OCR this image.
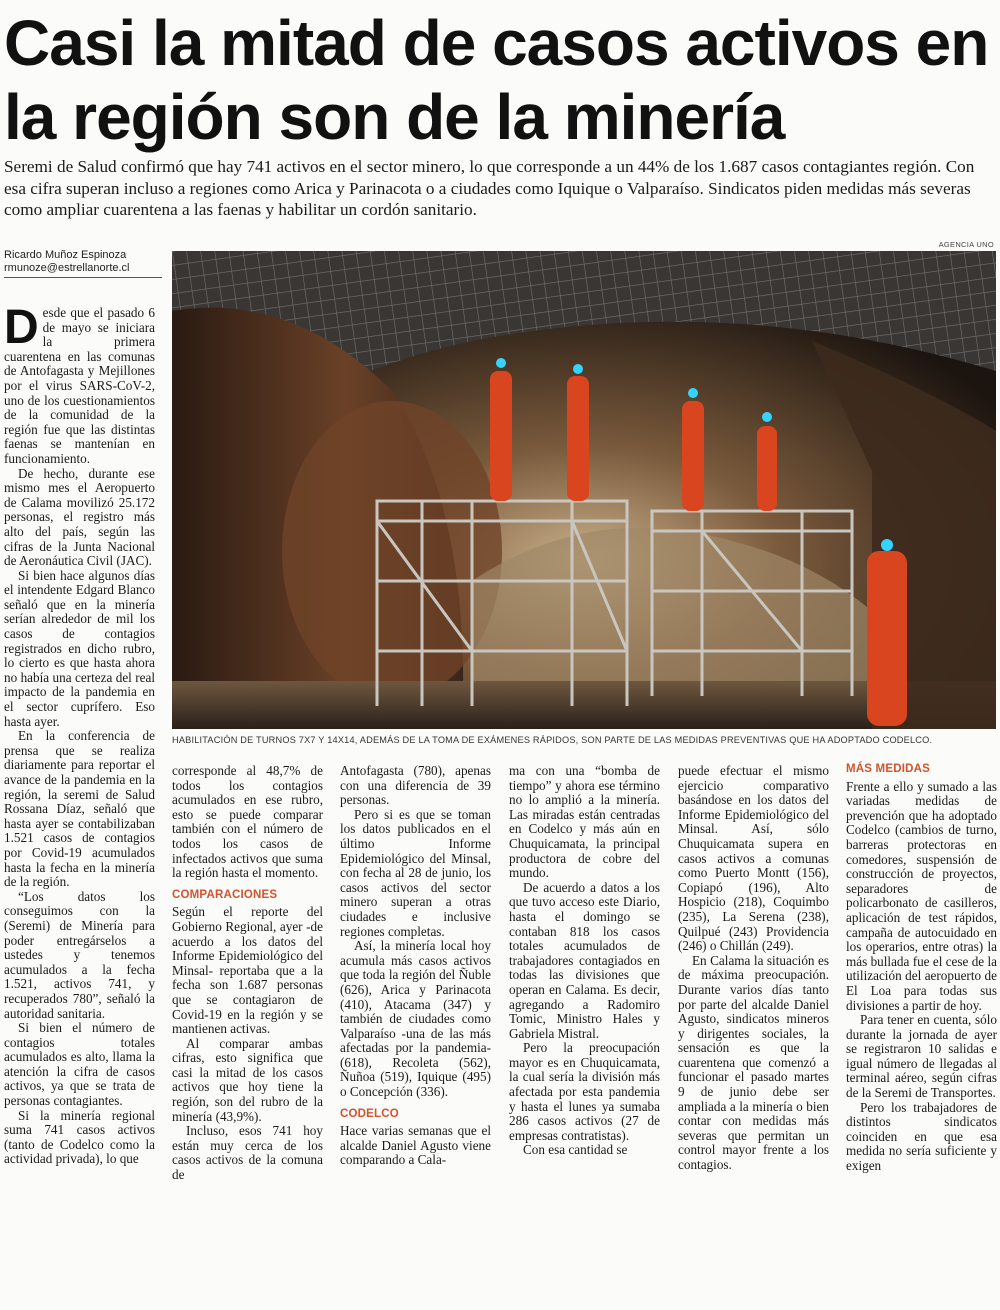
Casi la mitad de casos activos en la región son de la minería

Seremi de Salud confirmó que hay 741 activos en el sector minero, lo que corresponde a un 44% de los 1.687 casos contagiantes región. Con esa cifra superan incluso a regiones como Arica y Parinacota o a ciudades como Iquique o Valparaíso. Sindicatos piden medidas más severas como ampliar cuarentena a las faenas y habilitar un cordón sanitario.

Ricardo Muñoz Espinoza
rmunoze@estrellanorte.cl
AGENCIA UNO
HABILITACIÓN DE TURNOS 7X7 Y 14X14, ADEMÁS DE LA TOMA DE EXÁMENES RÁPIDOS, SON PARTE DE LAS MEDIDAS PREVENTIVAS QUE HA ADOPTADO CODELCO.
D esde que el pasado 6 de mayo se iniciara la primera cuarentena en las comunas de Antofagasta y Mejillones por el virus SARS-CoV-2, uno de los cuestionamientos de la comunidad de la región fue que las distintas faenas se mantenían en funcionamiento.

De hecho, durante ese mismo mes el Aeropuerto de Calama movilizó 25.172 personas, el registro más alto del país, según las cifras de la Junta Nacional de Aeronáutica Civil (JAC).

Si bien hace algunos días el intendente Edgard Blanco señaló que en la minería serían alrededor de mil los casos de contagios registrados en dicho rubro, lo cierto es que hasta ahora no había una certeza del real impacto de la pandemia en el sector cuprífero. Eso hasta ayer.

En la conferencia de prensa que se realiza diariamente para reportar el avance de la pandemia en la región, la seremi de Salud Rossana Díaz, señaló que hasta ayer se contabilizaban 1.521 casos de contagios por Covid-19 acumulados hasta la fecha en la minería de la región.

“Los datos los conseguimos con la (Seremi) de Minería para poder entregárselos a ustedes y tenemos acumulados a la fecha 1.521, activos 741, y recuperados 780”, señaló la autoridad sanitaria.

Si bien el número de contagios totales acumulados es alto, llama la atención la cifra de casos activos, ya que se trata de personas contagiantes.

Si la minería regional suma 741 casos activos (tanto de Codelco como la actividad privada), lo que

corresponde al 48,7% de todos los contagios acumulados en ese rubro, esto se puede comparar también con el número de todos los casos de infectados activos que suma la región hasta el momento.

COMPARACIONES

Según el reporte del Gobierno Regional, ayer -de acuerdo a los datos del Informe Epidemiológico del Minsal- reportaba que a la fecha son 1.687 personas que se contagiaron de Covid-19 en la región y se mantienen activas.

Al comparar ambas cifras, esto significa que casi la mitad de los casos activos que hoy tiene la región, son del rubro de la minería (43,9%).

Incluso, esos 741 hoy están muy cerca de los casos activos de la comuna de

Antofagasta (780), apenas con una diferencia de 39 personas.

Pero si es que se toman los datos publicados en el último Informe Epidemiológico del Minsal, con fecha al 28 de junio, los casos activos del sector minero superan a otras ciudades e inclusive regiones completas.

Así, la minería local hoy acumula más casos activos que toda la región del Ñuble (626), Arica y Parinacota (410), Atacama (347) y también de ciudades como Valparaíso -una de las más afectadas por la pandemia- (618), Recoleta (562), Ñuñoa (519), Iquique (495) o Concepción (336).

CODELCO

Hace varias semanas que el alcalde Daniel Agusto viene comparando a Cala-

ma con una “bomba de tiempo” y ahora ese término no lo amplió a la minería. Las miradas están centradas en Codelco y más aún en Chuquicamata, la principal productora de cobre del mundo.

De acuerdo a datos a los que tuvo acceso este Diario, hasta el domingo se contaban 818 los casos totales acumulados de trabajadores contagiados en todas las divisiones que operan en Calama. Es decir, agregando a Radomiro Tomic, Ministro Hales y Gabriela Mistral.

Pero la preocupación mayor es en Chuquicamata, la cual sería la división más afectada por esta pandemia y hasta el lunes ya sumaba 286 casos activos (27 de empresas contratistas).

Con esa cantidad se

puede efectuar el mismo ejercicio comparativo basándose en los datos del Informe Epidemiológico del Minsal. Así, sólo Chuquicamata supera en casos activos a comunas como Puerto Montt (156), Copiapó (196), Alto Hospicio (218), Coquimbo (235), La Serena (238), Quilpué (243) Providencia (246) o Chillán (249).

En Calama la situación es de máxima preocupación. Durante varios días tanto por parte del alcalde Daniel Agusto, sindicatos mineros y dirigentes sociales, la sensación es que la cuarentena que comenzó a funcionar el pasado martes 9 de junio debe ser ampliada a la minería o bien contar con medidas más severas que permitan un control mayor frente a los contagios.

MÁS MEDIDAS

Frente a ello y sumado a las variadas medidas de prevención que ha adoptado Codelco (cambios de turno, barreras protectoras en comedores, suspensión de construcción de proyectos, separadores de policarbonato de casilleros, aplicación de test rápidos, campaña de autocuidado en los operarios, entre otras) la más bullada fue el cese de la utilización del aeropuerto de El Loa para todas sus divisiones a partir de hoy.

Para tener en cuenta, sólo durante la jornada de ayer se registraron 10 salidas e igual número de llegadas al terminal aéreo, según cifras de la Seremi de Transportes.

Pero los trabajadores de distintos sindicatos coinciden en que esa medida no sería suficiente y exigen
